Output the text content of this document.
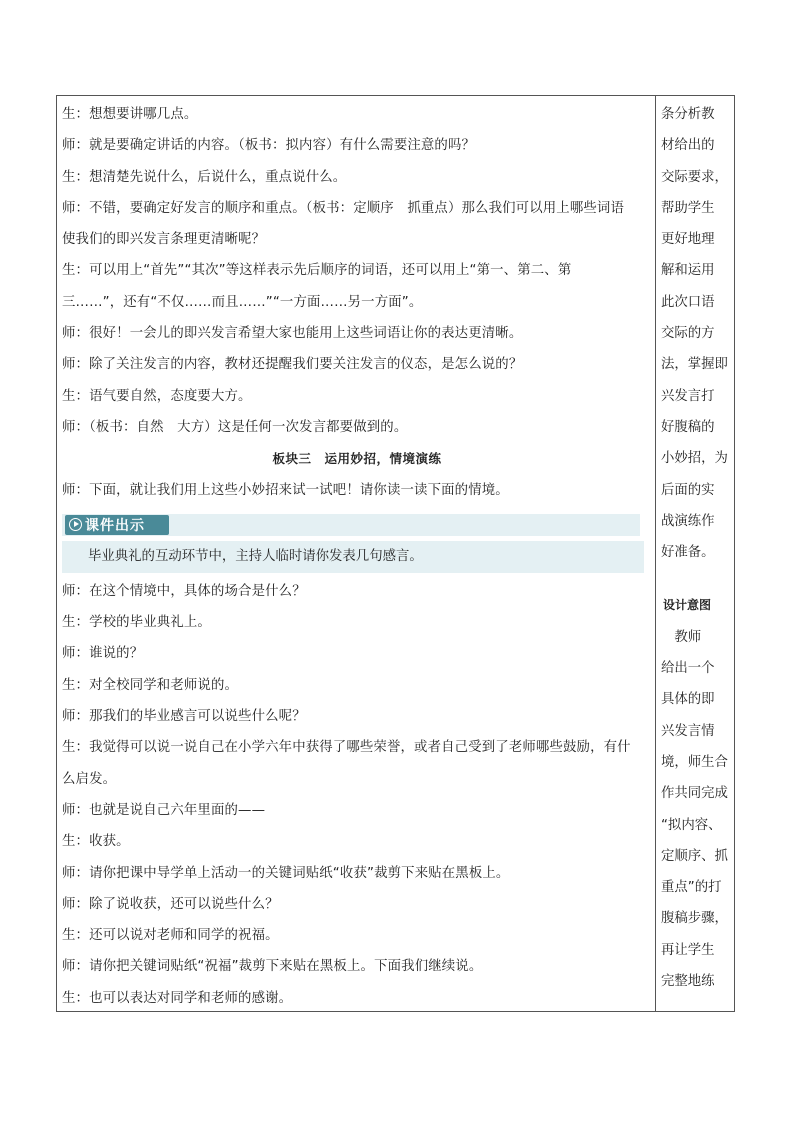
生：想想要讲哪几点。
师：就是要确定讲话的内容。（板书：拟内容）有什么需要注意的吗？
生：想清楚先说什么，后说什么，重点说什么。
师：不错，要确定好发言的顺序和重点。（板书：定顺序　抓重点）那么我们可以用上哪些词语
使我们的即兴发言条理更清晰呢？
生：可以用上“首先”“其次”等这样表示先后顺序的词语，还可以用上“第一、第二、第
三……”，还有“不仅……而且……”“一方面……另一方面”。
师：很好！一会儿的即兴发言希望大家也能用上这些词语让你的表达更清晰。
师：除了关注发言的内容，教材还提醒我们要关注发言的仪态，是怎么说的？
生：语气要自然，态度要大方。
师：（板书：自然　大方）这是任何一次发言都要做到的。
板块三　运用妙招，情境演练
师：下面，就让我们用上这些小妙招来试一试吧！请你读一读下面的情境。
课件出示
毕业典礼的互动环节中，主持人临时请你发表几句感言。
师：在这个情境中，具体的场合是什么？
生：学校的毕业典礼上。
师：谁说的？
生：对全校同学和老师说的。
师：那我们的毕业感言可以说些什么呢？
生：我觉得可以说一说自己在小学六年中获得了哪些荣誉，或者自己受到了老师哪些鼓励，有什
么启发。
师：也就是说自己六年里面的——
生：收获。
师：请你把课中导学单上活动一的关键词贴纸“收获”裁剪下来贴在黑板上。
师：除了说收获，还可以说些什么？
生：还可以说对老师和同学的祝福。
师：请你把关键词贴纸“祝福”裁剪下来贴在黑板上。下面我们继续说。
生：也可以表达对同学和老师的感谢。
条分析教
材给出的
交际要求，
帮助学生
更好地理
解和运用
此次口语
交际的方
法，掌握即
兴发言打
好腹稿的
小妙招，为
后面的实
战演练作
好准备。
设计意图
　教师
给出一个
具体的即
兴发言情
境，师生合
作共同完成
“拟内容、
定顺序、抓
重点”的打
腹稿步骤，
再让学生
完整地练
